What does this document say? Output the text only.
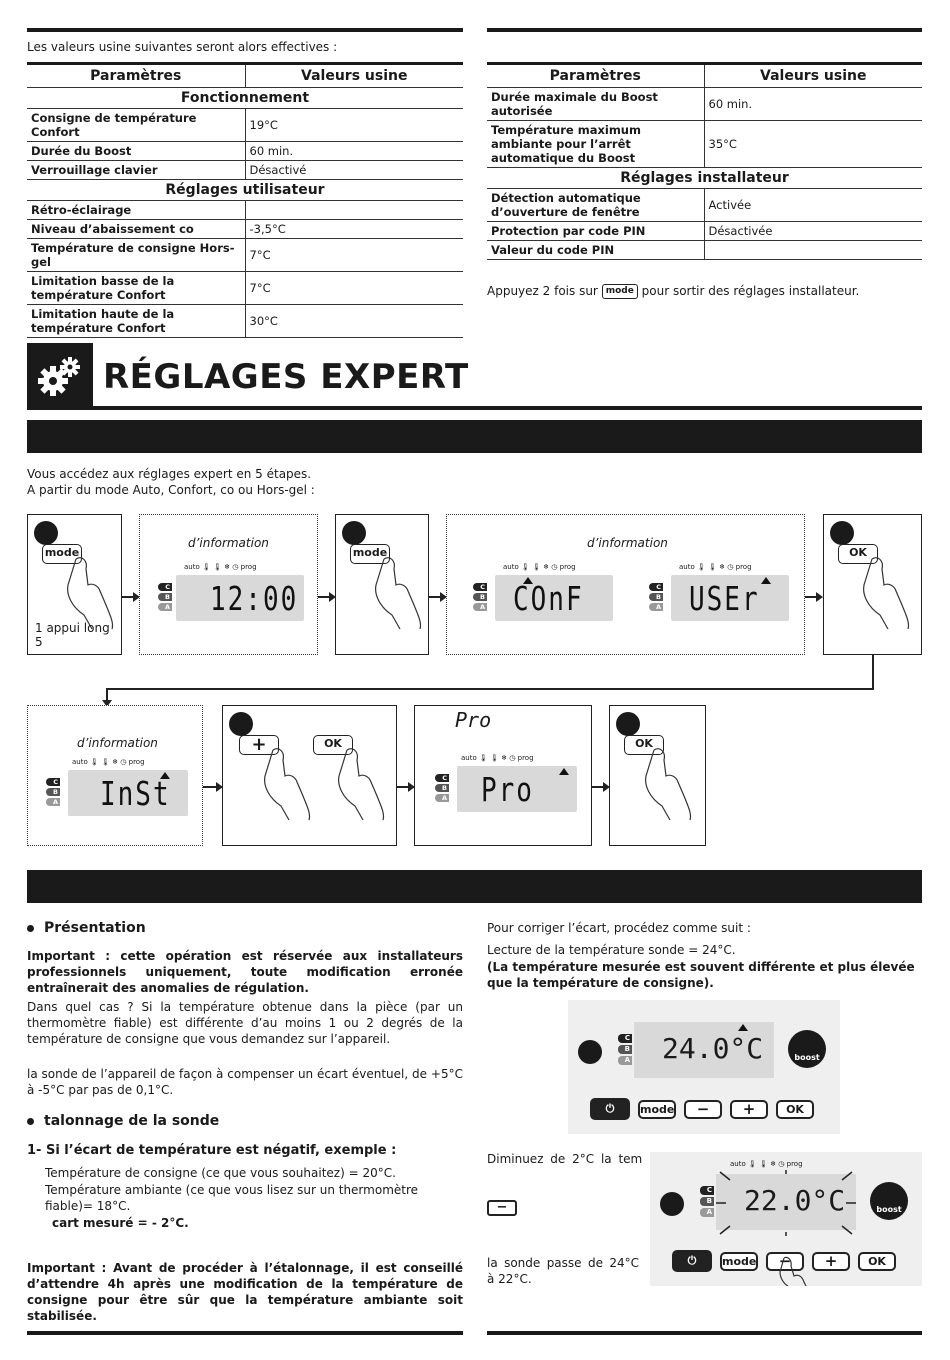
Les valeurs usine suivantes seront alors effectives :
Paramètres	Valeurs usine
Fonctionnement	
Consigne de température Confort	19°C
Durée du Boost	60 min.
Verrouillage clavier	Désactivé
Réglages utilisateur	
Rétro-éclairage	
Niveau d’abaissement co	-3,5°C
Température de consigne Hors-gel	7°C
Limitation basse de la température Confort	7°C
Limitation haute de la température Confort	30°C
Paramètres	Valeurs usine
Durée maximale du Boost autorisée	60 min.
Température maximum ambiante pour l’arrêt automatique du Boost	35°C
Réglages installateur	
Détection automatique d’ouverture de fenêtre	Activée
Protection par code PIN	Désactivée
Valeur du code PIN	
Appuyez 2 fois sur mode pour sortir des réglages installateur.
RÉGLAGES EXPERT
Vous accédez aux réglages expert en 5 étapes.
A partir du mode Auto, Confort, co ou Hors-gel :
mode
1 appui long 5
d’information
auto 🌡 🌡 ❄ ◷ prog
C
B
A 12:00
mode
d’information
auto 🌡 🌡 ❄ ◷ prog
C
B
A COnF
auto 🌡 🌡 ❄ ◷ prog
C
B
A USEr
OK
d’information
auto 🌡 🌡 ❄ ◷ prog
C
B
A InSt
+	OK
Pro
auto 🌡 🌡 ❄ ◷ prog
C
B
A Pro
OK
Présentation
Important : cette opération est réservée aux installateurs professionnels uniquement, toute modification erronée entraînerait des anomalies de régulation.
Dans quel cas ? Si la température obtenue dans la pièce (par un thermomètre fiable) est différente d’au moins 1 ou 2 degrés de la température de consigne que vous demandez sur l’appareil.
la sonde de l’appareil de façon à compenser un écart éventuel, de +5°C à -5°C par pas de 0,1°C.
talonnage de la sonde
1- Si l’écart de température est négatif, exemple :
Température de consigne (ce que vous souhaitez) = 20°C.
Température ambiante (ce que vous lisez sur un thermomètre fiable)= 18°C.
cart mesuré = - 2°C.
Important : Avant de procéder à l’étalonnage, il est conseillé d’attendre 4h après une modification de la température de consigne pour être sûr que la température ambiante soit stabilisée.
Pour corriger l’écart, procédez comme suit :
Lecture de la température sonde = 24°C.
(La température mesurée est souvent différente et plus élevée que la température de consigne).
C
B
A 24.0°C	boost
⏻	mode	−	+	OK
Diminuez de 2°C la tem
−
la sonde passe de 24°C à 22°C.
auto 🌡 🌡 ❄ ◷ prog
C
B
A 22.0°C	boost
⏻	mode	−	+	OK
